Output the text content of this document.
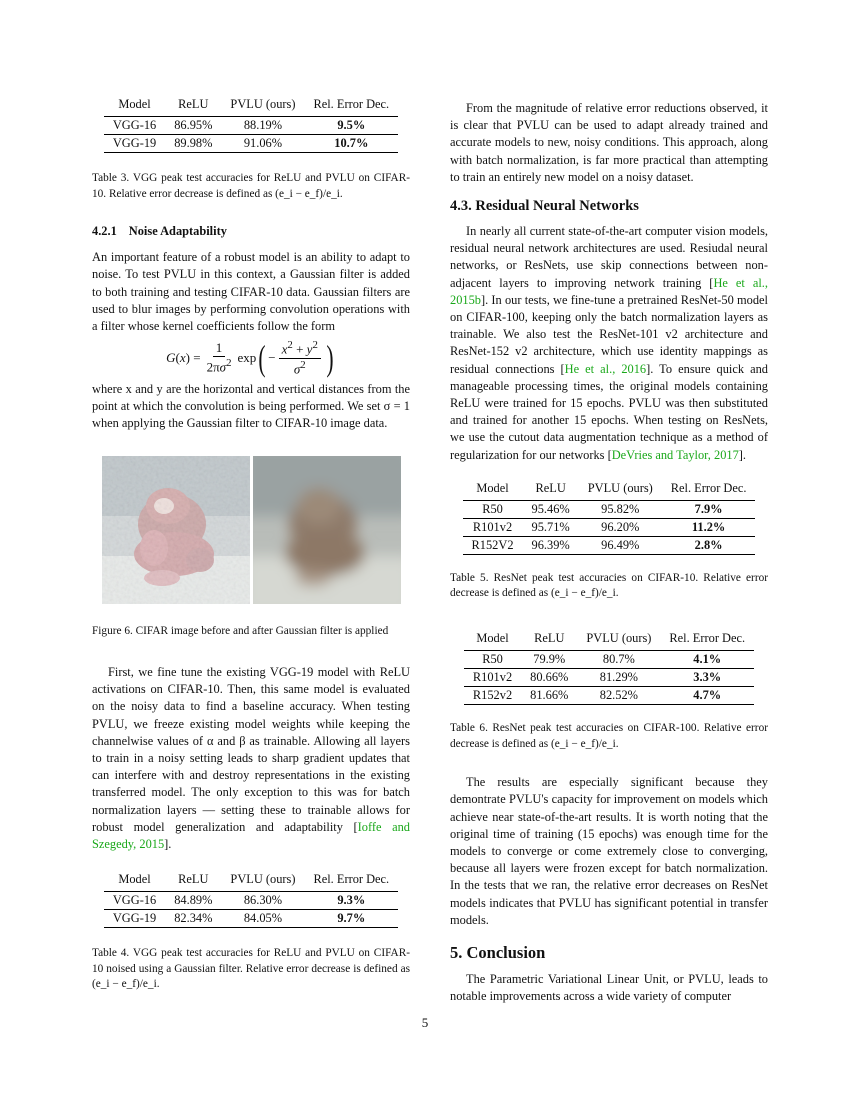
Model	ReLU	PVLU (ours)	Rel. Error Dec.
VGG-16	86.95%	88.19%	9.5%
VGG-19	89.98%	91.06%	10.7%

Table 3. VGG peak test accuracies for ReLU and PVLU on CIFAR-10. Relative error decrease is defined as (e_i − e_f)/e_i.

4.2.1 Noise Adaptability

An important feature of a robust model is an ability to adapt to noise. To test PVLU in this context, a Gaussian filter is added to both training and testing CIFAR-10 data. Gaussian filters are used to blur images by performing convolution operations with a filter whose kernel coefficients follow the form

G ( x ) = $\frac{1}{2\pi\sigma^2}$ exp ( − $\frac{x^2 + y^2}{\sigma^2}$ )

where x and y are the horizontal and vertical distances from the point at which the convolution is being performed. We set σ = 1 when applying the Gaussian filter to CIFAR-10 image data.

Figure 6. CIFAR image before and after Gaussian filter is applied

First, we fine tune the existing VGG-19 model with ReLU activations on CIFAR-10. Then, this same model is evaluated on the noisy data to find a baseline accuracy. When testing PVLU, we freeze existing model weights while keeping the channelwise values of α and β as trainable. Allowing all layers to train in a noisy setting leads to sharp gradient updates that can interfere with and destroy representations in the existing transferred model. The only exception to this was for batch normalization layers — setting these to trainable allows for robust model generalization and adaptability [Ioffe and Szegedy, 2015].

Model	ReLU	PVLU (ours)	Rel. Error Dec.
VGG-16	84.89%	86.30%	9.3%
VGG-19	82.34%	84.05%	9.7%

Table 4. VGG peak test accuracies for ReLU and PVLU on CIFAR-10 noised using a Gaussian filter. Relative error decrease is defined as (e_i − e_f)/e_i.

From the magnitude of relative error reductions observed, it is clear that PVLU can be used to adapt already trained and accurate models to new, noisy conditions. This approach, along with batch normalization, is far more practical than attempting to train an entirely new model on a noisy dataset.

4.3. Residual Neural Networks

In nearly all current state-of-the-art computer vision models, residual neural network architectures are used. Resiudal neural networks, or ResNets, use skip connections between non-adjacent layers to improving network training [He et al., 2015b]. In our tests, we fine-tune a pretrained ResNet-50 model on CIFAR-100, keeping only the batch normalization layers as trainable. We also test the ResNet-101 v2 architecture and ResNet-152 v2 architecture, which use identity mappings as residual connections [He et al., 2016]. To ensure quick and manageable processing times, the original models containing ReLU were trained for 15 epochs. PVLU was then substituted and trained for another 15 epochs. When testing on ResNets, we use the cutout data augmentation technique as a method of regularization for our networks [DeVries and Taylor, 2017].

Model	ReLU	PVLU (ours)	Rel. Error Dec.
R50	95.46%	95.82%	7.9%
R101v2	95.71%	96.20%	11.2%
R152V2	96.39%	96.49%	2.8%

Table 5. ResNet peak test accuracies on CIFAR-10. Relative error decrease is defined as (e_i − e_f)/e_i.

Model	ReLU	PVLU (ours)	Rel. Error Dec.
R50	79.9%	80.7%	4.1%
R101v2	80.66%	81.29%	3.3%
R152v2	81.66%	82.52%	4.7%

Table 6. ResNet peak test accuracies on CIFAR-100. Relative error decrease is defined as (e_i − e_f)/e_i.

The results are especially significant because they demontrate PVLU's capacity for improvement on models which achieve near state-of-the-art results. It is worth noting that the original time of training (15 epochs) was enough time for the models to converge or come extremely close to converging, because all layers were frozen except for batch normalization. In the tests that we ran, the relative error decreases on ResNet models indicates that PVLU has significant potential in transfer models.

5. Conclusion

The Parametric Variational Linear Unit, or PVLU, leads to notable improvements across a wide variety of computer

5
